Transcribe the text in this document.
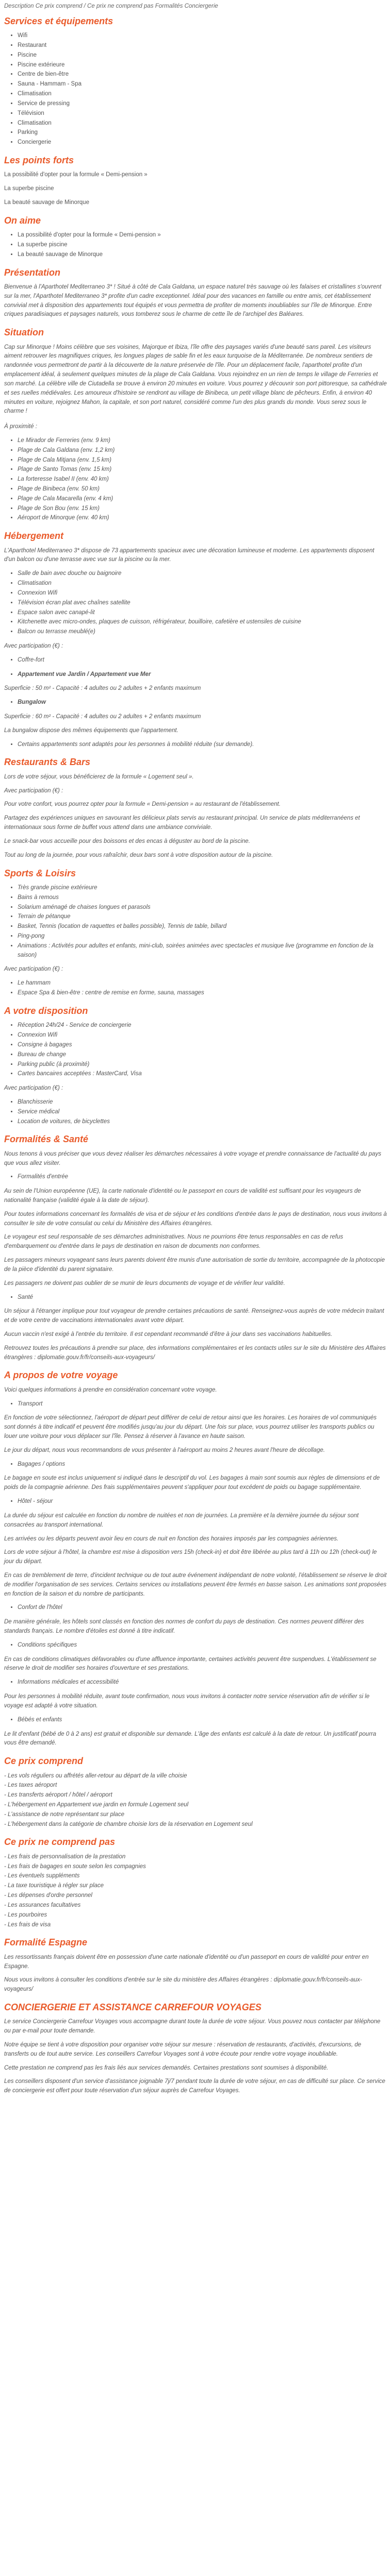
Description Ce prix comprend / Ce prix ne comprend pas Formalités Conciergerie

Services et équipements
• Wifi
• Restaurant
• Piscine
• Piscine extérieure
• Centre de bien-être
• Sauna - Hammam - Spa
• Climatisation
• Service de pressing
• Télévision
• Climatisation
• Parking
• Conciergerie
Les points forts

La possibilité d'opter pour la formule « Demi-pension »

La superbe piscine

La beauté sauvage de Minorque

On aime
• La possibilité d'opter pour la formule « Demi-pension »
• La superbe piscine
• La beauté sauvage de Minorque
Présentation

Bienvenue à l'Aparthotel Mediterraneo 3* ! Situé à côté de Cala Galdana, un espace naturel très sauvage où les falaises et cristallines s'ouvrent sur la mer, l'Aparthotel Mediterraneo 3* profite d'un cadre exceptionnel. Idéal pour des vacances en famille ou entre amis, cet établissement convivial met à disposition des appartements tout équipés et vous permettra de profiter de moments inoubliables sur l'île de Minorque. Entre criques paradisiaques et paysages naturels, vous tomberez sous le charme de cette île de l'archipel des Baléares.

Situation

Cap sur Minorque ! Moins célèbre que ses voisines, Majorque et Ibiza, l'île offre des paysages variés d'une beauté sans pareil. Les visiteurs aiment retrouver les magnifiques criques, les longues plages de sable fin et les eaux turquoise de la Méditerranée. De nombreux sentiers de randonnée vous permettront de partir à la découverte de la nature préservée de l'île. Pour un déplacement facile, l'aparthotel profite d'un emplacement idéal, à seulement quelques minutes de la plage de Cala Galdana. Vous rejoindrez en un rien de temps le village de Ferreries et son marché. La célèbre ville de Ciutadella se trouve à environ 20 minutes en voiture. Vous pourrez y découvrir son port pittoresque, sa cathédrale et ses ruelles médiévales. Les amoureux d'histoire se rendront au village de Binibeca, un petit village blanc de pêcheurs. Enfin, à environ 40 minutes en voiture, rejoignez Mahon, la capitale, et son port naturel, considéré comme l'un des plus grands du monde. Vous serez sous le charme !

À proximité :

• Le Mirador de Ferreries (env. 9 km)
• Plage de Cala Galdana (env. 1,2 km)
• Plage de Cala Mitjana (env. 1,5 km)
• Plage de Santo Tomas (env. 15 km)
• La forteresse Isabel II (env. 40 km)
• Plage de Binibeca (env. 50 km)
• Plage de Cala Macarella (env. 4 km)
• Plage de Son Bou (env. 15 km)
• Aéroport de Minorque (env. 40 km)
Hébergement

L'Aparthotel Mediterraneo 3* dispose de 73 appartements spacieux avec une décoration lumineuse et moderne. Les appartements disposent d'un balcon ou d'une terrasse avec vue sur la piscine ou la mer.

• Salle de bain avec douche ou baignoire
• Climatisation
• Connexion Wifi
• Télévision écran plat avec chaînes satellite
• Espace salon avec canapé-lit
• Kitchenette avec micro-ondes, plaques de cuisson, réfrigérateur, bouilloire, cafetière et ustensiles de cuisine
• Balcon ou terrasse meublé(e)

Avec participation (€) :

• Coffre-fort
• Appartement vue Jardin / Appartement vue Mer

Superficie : 50 m² - Capacité : 4 adultes ou 2 adultes + 2 enfants maximum

• Bungalow

Superficie : 60 m² - Capacité : 4 adultes ou 2 adultes + 2 enfants maximum

La bungalow dispose des mêmes équipements que l'appartement.

• Certains appartements sont adaptés pour les personnes à mobilité réduite (sur demande).
Restaurants & Bars

Lors de votre séjour, vous bénéficierez de la formule « Logement seul ».

Avec participation (€) :

Pour votre confort, vous pourrez opter pour la formule « Demi-pension » au restaurant de l'établissement.

Partagez des expériences uniques en savourant les délicieux plats servis au restaurant principal. Un service de plats méditerranéens et internationaux sous forme de buffet vous attend dans une ambiance conviviale.

Le snack-bar vous accueille pour des boissons et des encas à déguster au bord de la piscine.

Tout au long de la journée, pour vous rafraîchir, deux bars sont à votre disposition autour de la piscine.

Sports & Loisirs
• Très grande piscine extérieure
• Bains à remous
• Solarium aménagé de chaises longues et parasols
• Terrain de pétanque
• Basket, Tennis (location de raquettes et balles possible), Tennis de table, billard
• Ping-pong
• Animations : Activités pour adultes et enfants, mini-club, soirées animées avec spectacles et musique live (programme en fonction de la saison)

Avec participation (€) :

• Le hammam
• Espace Spa & bien-être : centre de remise en forme, sauna, massages
A votre disposition
• Réception 24h/24 - Service de conciergerie
• Connexion Wifi
• Consigne à bagages
• Bureau de change
• Parking public (à proximité)
• Cartes bancaires acceptées : MasterCard, Visa

Avec participation (€) :

• Blanchisserie
• Service médical
• Location de voitures, de bicyclettes
Formalités & Santé

Nous tenons à vous préciser que vous devez réaliser les démarches nécessaires à votre voyage et prendre connaissance de l'actualité du pays que vous allez visiter.

• Formalités d'entrée

Au sein de l'Union européenne (UE), la carte nationale d'identité ou le passeport en cours de validité est suffisant pour les voyageurs de nationalité française (validité égale à la date de séjour).

Pour toutes informations concernant les formalités de visa et de séjour et les conditions d'entrée dans le pays de destination, nous vous invitons à consulter le site de votre consulat ou celui du Ministère des Affaires étrangères.

Le voyageur est seul responsable de ses démarches administratives. Nous ne pourrions être tenus responsables en cas de refus d'embarquement ou d'entrée dans le pays de destination en raison de documents non conformes.

Les passagers mineurs voyageant sans leurs parents doivent être munis d'une autorisation de sortie du territoire, accompagnée de la photocopie de la pièce d'identité du parent signataire.

Les passagers ne doivent pas oublier de se munir de leurs documents de voyage et de vérifier leur validité.

• Santé

Un séjour à l'étranger implique pour tout voyageur de prendre certaines précautions de santé. Renseignez-vous auprès de votre médecin traitant et de votre centre de vaccinations internationales avant votre départ.

Aucun vaccin n'est exigé à l'entrée du territoire. Il est cependant recommandé d'être à jour dans ses vaccinations habituelles.

Retrouvez toutes les précautions à prendre sur place, des informations complémentaires et les contacts utiles sur le site du Ministère des Affaires étrangères : diplomatie.gouv.fr/fr/conseils-aux-voyageurs/

A propos de votre voyage

Voici quelques informations à prendre en considération concernant votre voyage.

• Transport

En fonction de votre sélectionnez, l'aéroport de départ peut différer de celui de retour ainsi que les horaires. Les horaires de vol communiqués sont donnés à titre indicatif et peuvent être modifiés jusqu'au jour du départ. Une fois sur place, vous pourrez utiliser les transports publics ou louer une voiture pour vous déplacer sur l'île. Pensez à réserver à l'avance en haute saison.

Le jour du départ, nous vous recommandons de vous présenter à l'aéroport au moins 2 heures avant l'heure de décollage.

• Bagages / options

Le bagage en soute est inclus uniquement si indiqué dans le descriptif du vol. Les bagages à main sont soumis aux règles de dimensions et de poids de la compagnie aérienne. Des frais supplémentaires peuvent s'appliquer pour tout excédent de poids ou bagage supplémentaire.

• Hôtel - séjour

La durée du séjour est calculée en fonction du nombre de nuitées et non de journées. La première et la dernière journée du séjour sont consacrées au transport international.

Les arrivées ou les départs peuvent avoir lieu en cours de nuit en fonction des horaires imposés par les compagnies aériennes.

Lors de votre séjour à l'hôtel, la chambre est mise à disposition vers 15h (check-in) et doit être libérée au plus tard à 11h ou 12h (check-out) le jour du départ.

En cas de tremblement de terre, d'incident technique ou de tout autre événement indépendant de notre volonté, l'établissement se réserve le droit de modifier l'organisation de ses services. Certains services ou installations peuvent être fermés en basse saison. Les animations sont proposées en fonction de la saison et du nombre de participants.

• Confort de l'hôtel

De manière générale, les hôtels sont classés en fonction des normes de confort du pays de destination. Ces normes peuvent différer des standards français. Le nombre d'étoiles est donné à titre indicatif.

• Conditions spécifiques

En cas de conditions climatiques défavorables ou d'une affluence importante, certaines activités peuvent être suspendues. L'établissement se réserve le droit de modifier ses horaires d'ouverture et ses prestations.

• Informations médicales et accessibilité

Pour les personnes à mobilité réduite, avant toute confirmation, nous vous invitons à contacter notre service réservation afin de vérifier si le voyage est adapté à votre situation.

• Bébés et enfants

Le lit d'enfant (bébé de 0 à 2 ans) est gratuit et disponible sur demande. L'âge des enfants est calculé à la date de retour. Un justificatif pourra vous être demandé.

Ce prix comprend

- Les vols réguliers ou affrétés aller-retour au départ de la ville choisie

- Les taxes aéroport

- Les transferts aéroport / hôtel / aéroport

- L'hébergement en Appartement vue jardin en formule Logement seul

- L'assistance de notre représentant sur place

- L'hébergement dans la catégorie de chambre choisie lors de la réservation en Logement seul

Ce prix ne comprend pas

- Les frais de personnalisation de la prestation

- Les frais de bagages en soute selon les compagnies

- Les éventuels suppléments

- La taxe touristique à régler sur place

- Les dépenses d'ordre personnel

- Les assurances facultatives

- Les pourboires

- Les frais de visa

Formalité Espagne

Les ressortissants français doivent être en possession d'une carte nationale d'identité ou d'un passeport en cours de validité pour entrer en Espagne.

Nous vous invitons à consulter les conditions d'entrée sur le site du ministère des Affaires étrangères : diplomatie.gouv.fr/fr/conseils-aux-voyageurs/

CONCIERGERIE ET ASSISTANCE CARREFOUR VOYAGES

Le service Conciergerie Carrefour Voyages vous accompagne durant toute la durée de votre séjour. Vous pouvez nous contacter par téléphone ou par e-mail pour toute demande.

Notre équipe se tient à votre disposition pour organiser votre séjour sur mesure : réservation de restaurants, d'activités, d'excursions, de transferts ou de tout autre service. Les conseillers Carrefour Voyages sont à votre écoute pour rendre votre voyage inoubliable.

Cette prestation ne comprend pas les frais liés aux services demandés. Certaines prestations sont soumises à disponibilité.

Les conseillers disposent d'un service d'assistance joignable 7j/7 pendant toute la durée de votre séjour, en cas de difficulté sur place. Ce service de conciergerie est offert pour toute réservation d'un séjour auprès de Carrefour Voyages.
